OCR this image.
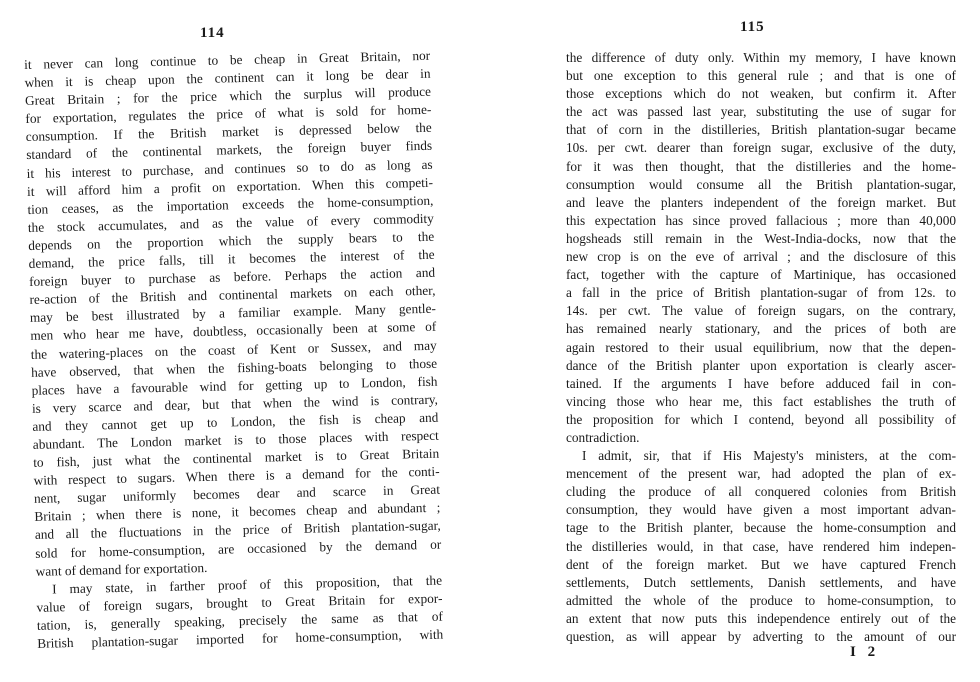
114
it never can long continue to be cheap in Great Britain, nor
when it is cheap upon the continent can it long be dear in
Great Britain ; for the price which the surplus will produce
for exportation, regulates the price of what is sold for home-
consumption. If the British market is depressed below the
standard of the continental markets, the foreign buyer finds
it his interest to purchase, and continues so to do as long as
it will afford him a profit on exportation. When this competi-
tion ceases, as the importation exceeds the home-consumption,
the stock accumulates, and as the value of every commodity
depends on the proportion which the supply bears to the
demand, the price falls, till it becomes the interest of the
foreign buyer to purchase as before. Perhaps the action and
re-action of the British and continental markets on each other,
may be best illustrated by a familiar example. Many gentle-
men who hear me have, doubtless, occasionally been at some of
the watering-places on the coast of Kent or Sussex, and may
have observed, that when the fishing-boats belonging to those
places have a favourable wind for getting up to London, fish
is very scarce and dear, but that when the wind is contrary,
and they cannot get up to London, the fish is cheap and
abundant. The London market is to those places with respect
to fish, just what the continental market is to Great Britain
with respect to sugars. When there is a demand for the conti-
nent, sugar uniformly becomes dear and scarce in Great
Britain ; when there is none, it becomes cheap and abundant ;
and all the fluctuations in the price of British plantation-sugar,
sold for home-consumption, are occasioned by the demand or
want of demand for exportation.
I may state, in farther proof of this proposition, that the
value of foreign sugars, brought to Great Britain for expor-
tation, is, generally speaking, precisely the same as that of
British plantation-sugar imported for home-consumption, with
115
the difference of duty only. Within my memory, I have known
but one exception to this general rule ; and that is one of
those exceptions which do not weaken, but confirm it. After
the act was passed last year, substituting the use of sugar for
that of corn in the distilleries, British plantation-sugar became
10s. per cwt. dearer than foreign sugar, exclusive of the duty,
for it was then thought, that the distilleries and the home-
consumption would consume all the British plantation-sugar,
and leave the planters independent of the foreign market. But
this expectation has since proved fallacious ; more than 40,000
hogsheads still remain in the West-India-docks, now that the
new crop is on the eve of arrival ; and the disclosure of this
fact, together with the capture of Martinique, has occasioned
a fall in the price of British plantation-sugar of from 12s. to
14s. per cwt. The value of foreign sugars, on the contrary,
has remained nearly stationary, and the prices of both are
again restored to their usual equilibrium, now that the depen-
dance of the British planter upon exportation is clearly ascer-
tained. If the arguments I have before adduced fail in con-
vincing those who hear me, this fact establishes the truth of
the proposition for which I contend, beyond all possibility of
contradiction.
I admit, sir, that if His Majesty's ministers, at the com-
mencement of the present war, had adopted the plan of ex-
cluding the produce of all conquered colonies from British
consumption, they would have given a most important advan-
tage to the British planter, because the home-consumption and
the distilleries would, in that case, have rendered him indepen-
dent of the foreign market. But we have captured French
settlements, Dutch settlements, Danish settlements, and have
admitted the whole of the produce to home-consumption, to
an extent that now puts this independence entirely out of the
question, as will appear by adverting to the amount of our
I 2
